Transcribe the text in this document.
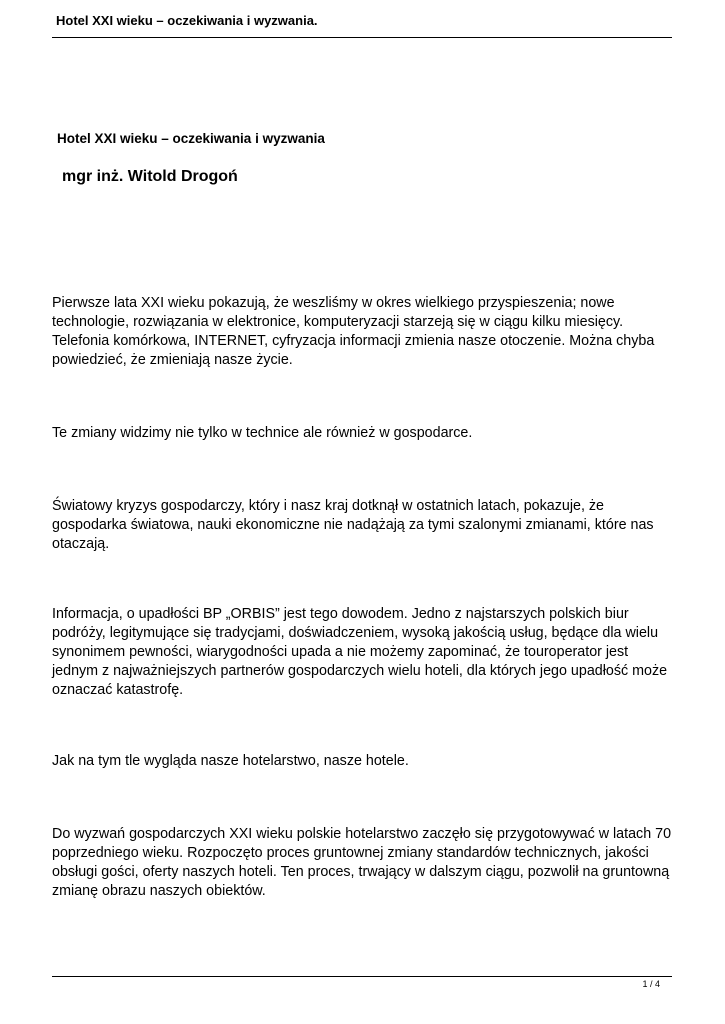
Hotel XXI wieku – oczekiwania i wyzwania.
Hotel XXI wieku – oczekiwania i wyzwania
mgr inż. Witold Drogoń

Pierwsze lata XXI wieku pokazują, że weszliśmy w okres wielkiego przyspieszenia; nowe technologie, rozwiązania w elektronice, komputeryzacji starzeją się w ciągu kilku miesięcy. Telefonia komórkowa, INTERNET, cyfryzacja informacji zmienia nasze otoczenie. Można chyba powiedzieć, że zmieniają nasze życie.

Te zmiany widzimy nie tylko w technice ale również w gospodarce.

Światowy kryzys gospodarczy, który i nasz kraj dotknął w ostatnich latach, pokazuje, że gospodarka światowa, nauki ekonomiczne nie nadążają za tymi szalonymi zmianami, które nas otaczają.

Informacja, o upadłości BP „ORBIS” jest tego dowodem. Jedno z najstarszych polskich biur podróży, legitymujące się tradycjami, doświadczeniem, wysoką jakością usług, będące dla wielu synonimem pewności, wiarygodności upada a nie możemy zapominać, że touroperator jest jednym z najważniejszych partnerów gospodarczych wielu hoteli, dla których jego upadłość może oznaczać katastrofę.

Jak na tym tle wygląda nasze hotelarstwo, nasze hotele.

Do wyzwań gospodarczych XXI wieku polskie hotelarstwo zaczęło się przygotowywać w latach 70 poprzedniego wieku. Rozpoczęto proces gruntownej zmiany standardów technicznych, jakości obsługi gości, oferty naszych hoteli. Ten proces, trwający w dalszym ciągu, pozwolił na gruntowną zmianę obrazu naszych obiektów.

1 / 4
